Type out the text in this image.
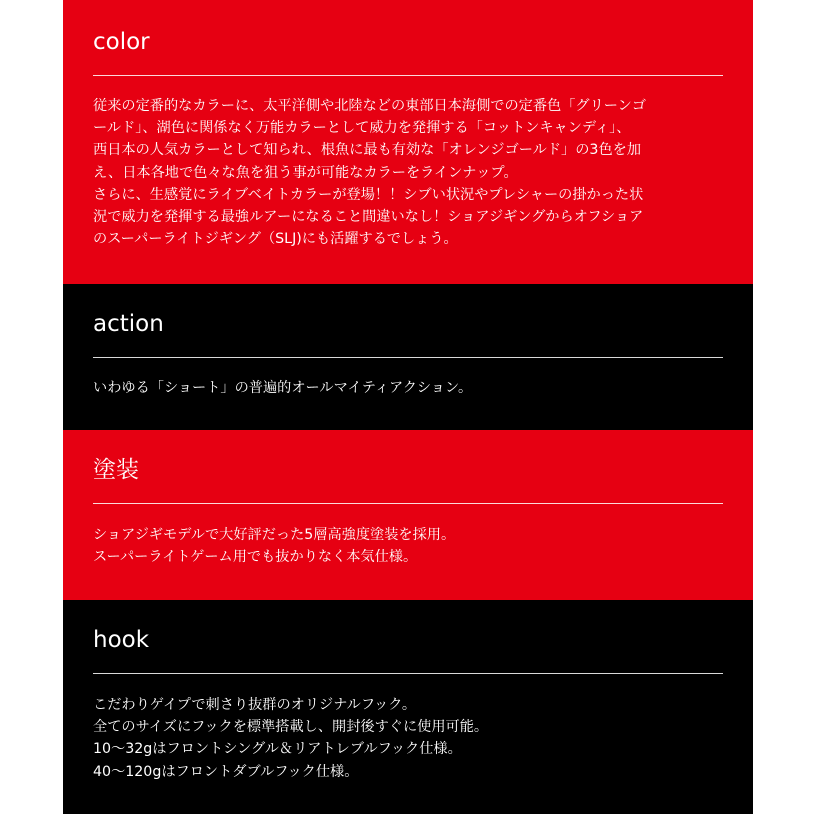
color

従来の定番的なカラーに、太平洋側や北陸などの東部日本海側での定番色「グリーンゴ
ールド」、湖色に関係なく万能カラーとして威力を発揮する「コットンキャンディ」、
西日本の人気カラーとして知られ、根魚に最も有効な「オレンジゴールド」の3色を加
え、日本各地で色々な魚を狙う事が可能なカラーをラインナップ。
さらに、生感覚にライブベイトカラーが登場！！シブい状況やプレシャーの掛かった状
況で威力を発揮する最強ルアーになること間違いなし！ショアジギングからオフショア
のスーパーライトジギング（SLJ)にも活躍するでしょう。

action

いわゆる「ショート」の普遍的オールマイティアクション。

塗装

ショアジギモデルで大好評だった5層高強度塗装を採用。
スーパーライトゲーム用でも抜かりなく本気仕様。

hook

こだわりゲイプで刺さり抜群のオリジナルフック。
全てのサイズにフックを標準搭載し、開封後すぐに使用可能。
10～32gはフロントシングル＆リアトレブルフック仕様。
40～120gはフロントダブルフック仕様。
